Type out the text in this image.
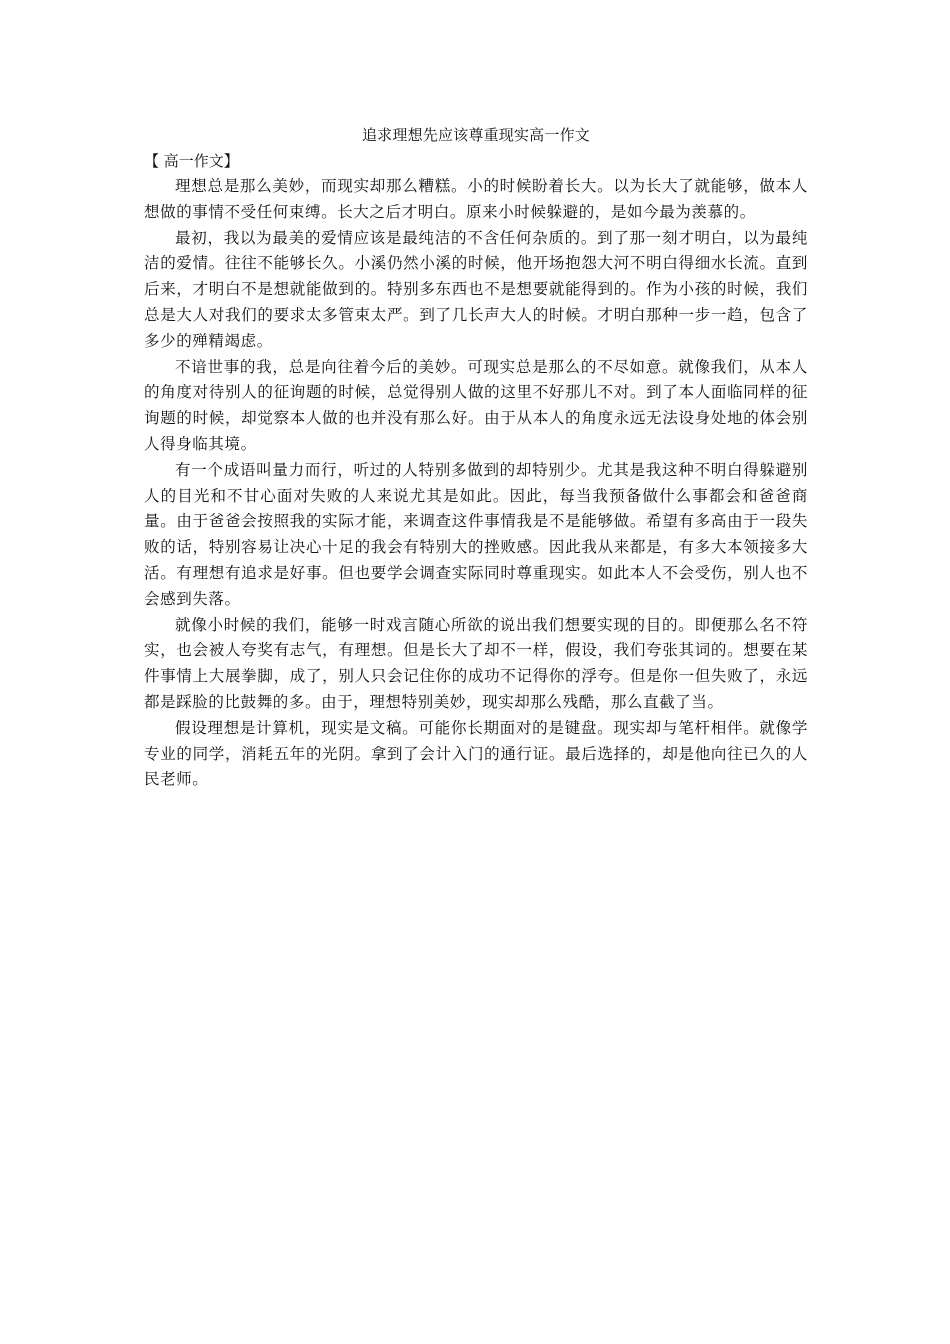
追求理想先应该尊重现实高一作文

【 高一作文】

理想总是那么美妙，而现实却那么糟糕。小的时候盼着长大。以为长大了就能够，做本人想做的事情不受任何束缚。长大之后才明白。原来小时候躲避的，是如今最为羡慕的。

最初，我以为最美的爱情应该是最纯洁的不含任何杂质的。到了那一刻才明白，以为最纯洁的爱情。往往不能够长久。小溪仍然小溪的时候，他开场抱怨大河不明白得细水长流。直到后来，才明白不是想就能做到的。特别多东西也不是想要就能得到的。作为小孩的时候，我们总是大人对我们的要求太多管束太严。到了几长声大人的时候。才明白那种一步一趋，包含了多少的殚精竭虑。

不谙世事的我，总是向往着今后的美妙。可现实总是那么的不尽如意。就像我们，从本人的角度对待别人的征询题的时候，总觉得别人做的这里不好那儿不对。到了本人面临同样的征询题的时候，却觉察本人做的也并没有那么好。由于从本人的角度永远无法设身处地的体会别人得身临其境。

有一个成语叫量力而行，听过的人特别多做到的却特别少。尤其是我这种不明白得躲避别人的目光和不甘心面对失败的人来说尤其是如此。因此，每当我预备做什么事都会和爸爸商量。由于爸爸会按照我的实际才能，来调查这件事情我是不是能够做。希望有多高由于一段失败的话，特别容易让决心十足的我会有特别大的挫败感。因此我从来都是，有多大本领接多大活。有理想有追求是好事。但也要学会调查实际同时尊重现实。如此本人不会受伤，别人也不会感到失落。

就像小时候的我们，能够一时戏言随心所欲的说出我们想要实现的目的。即便那么名不符实，也会被人夸奖有志气，有理想。但是长大了却不一样，假设，我们夸张其词的。想要在某件事情上大展拳脚，成了，别人只会记住你的成功不记得你的浮夸。但是你一但失败了，永远都是踩脸的比鼓舞的多。由于，理想特别美妙，现实却那么残酷，那么直截了当。

假设理想是计算机，现实是文稿。可能你长期面对的是键盘。现实却与笔杆相伴。就像学专业的同学，消耗五年的光阴。拿到了会计入门的通行证。最后选择的，却是他向往已久的人民老师。
